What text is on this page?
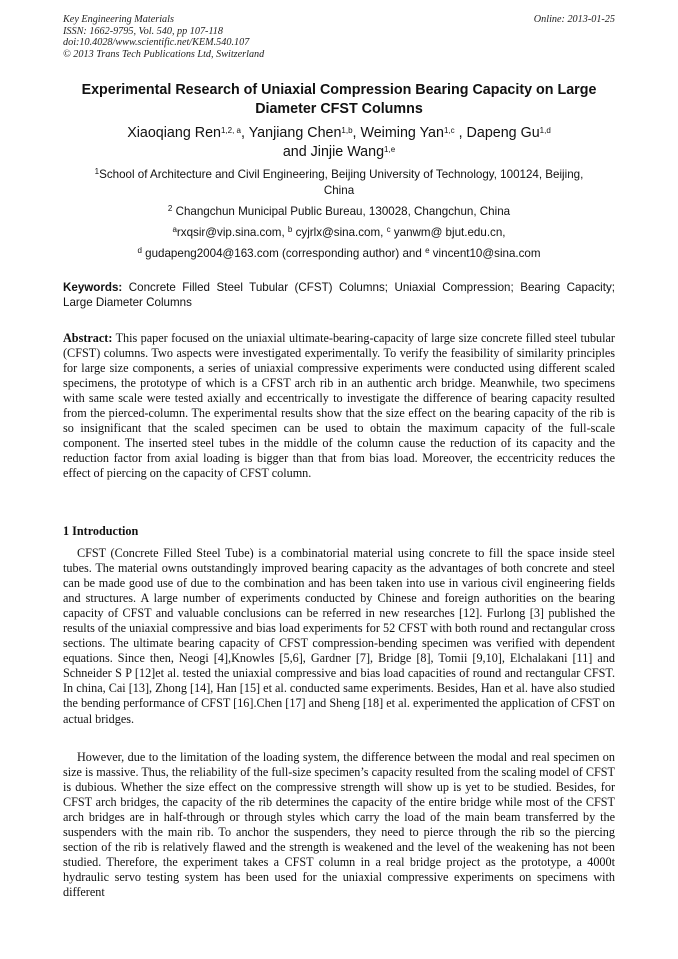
Key Engineering Materials
ISSN: 1662-9795, Vol. 540, pp 107-118
doi:10.4028/www.scientific.net/KEM.540.107
© 2013 Trans Tech Publications Ltd, Switzerland
Online: 2013-01-25
Experimental Research of Uniaxial Compression Bearing Capacity on Large Diameter CFST Columns
Xiaoqiang Ren$^{1,2, a}$, Yanjiang Chen$^{1,b}$, Weiming Yan$^{1,c}$ , Dapeng Gu$^{1,d}$
and Jinjie Wang$^{1,e}$
$^1$School of Architecture and Civil Engineering, Beijing University of Technology, 100124, Beijing, China
$^2$ Changchun Municipal Public Bureau, 130028, Changchun, China
$^a$rxqsir@vip.sina.com, $^b$ cyjrlx@sina.com, $^c$ yanwm@ bjut.edu.cn,
$^d$ gudapeng2004@163.com (corresponding author) and $^e$ vincent10@sina.com
Keywords: Concrete Filled Steel Tubular (CFST) Columns; Uniaxial Compression; Bearing Capacity; Large Diameter Columns
Abstract: This paper focused on the uniaxial ultimate-bearing-capacity of large size concrete filled steel tubular (CFST) columns. Two aspects were investigated experimentally. To verify the feasibility of similarity principles for large size components, a series of uniaxial compressive experiments were conducted using different scaled specimens, the prototype of which is a CFST arch rib in an authentic arch bridge. Meanwhile, two specimens with same scale were tested axially and eccentrically to investigate the difference of bearing capacity resulted from the pierced-column. The experimental results show that the size effect on the bearing capacity of the rib is so insignificant that the scaled specimen can be used to obtain the maximum capacity of the full-scale component. The inserted steel tubes in the middle of the column cause the reduction of its capacity and the reduction factor from axial loading is bigger than that from bias load. Moreover, the eccentricity reduces the effect of piercing on the capacity of CFST column.
1 Introduction
CFST (Concrete Filled Steel Tube) is a combinatorial material using concrete to fill the space inside steel tubes. The material owns outstandingly improved bearing capacity as the advantages of both concrete and steel can be made good use of due to the combination and has been taken into use in various civil engineering fields and structures. A large number of experiments conducted by Chinese and foreign authorities on the bearing capacity of CFST and valuable conclusions can be referred in new researches [12]. Furlong [3] published the results of the uniaxial compressive and bias load experiments for 52 CFST with both round and rectangular cross sections. The ultimate bearing capacity of CFST compression-bending specimen was verified with dependent equations. Since then, Neogi [4],Knowles [5,6], Gardner [7], Bridge [8], Tomii [9,10], Elchalakani [11] and Schneider S P [12]et al. tested the uniaxial compressive and bias load capacities of round and rectangular CFST. In china, Cai [13], Zhong [14], Han [15] et al. conducted same experiments. Besides, Han et al. have also studied the bending performance of CFST [16].Chen [17] and Sheng [18] et al. experimented the application of CFST on actual bridges.
However, due to the limitation of the loading system, the difference between the modal and real specimen on size is massive. Thus, the reliability of the full-size specimen’s capacity resulted from the scaling model of CFST is dubious. Whether the size effect on the compressive strength will show up is yet to be studied. Besides, for CFST arch bridges, the capacity of the rib determines the capacity of the entire bridge while most of the CFST arch bridges are in half-through or through styles which carry the load of the main beam transferred by the suspenders with the main rib. To anchor the suspenders, they need to pierce through the rib so the piercing section of the rib is relatively flawed and the strength is weakened and the level of the weakening has not been studied. Therefore, the experiment takes a CFST column in a real bridge project as the prototype, a 4000t hydraulic servo testing system has been used for the uniaxial compressive experiments on specimens with different
